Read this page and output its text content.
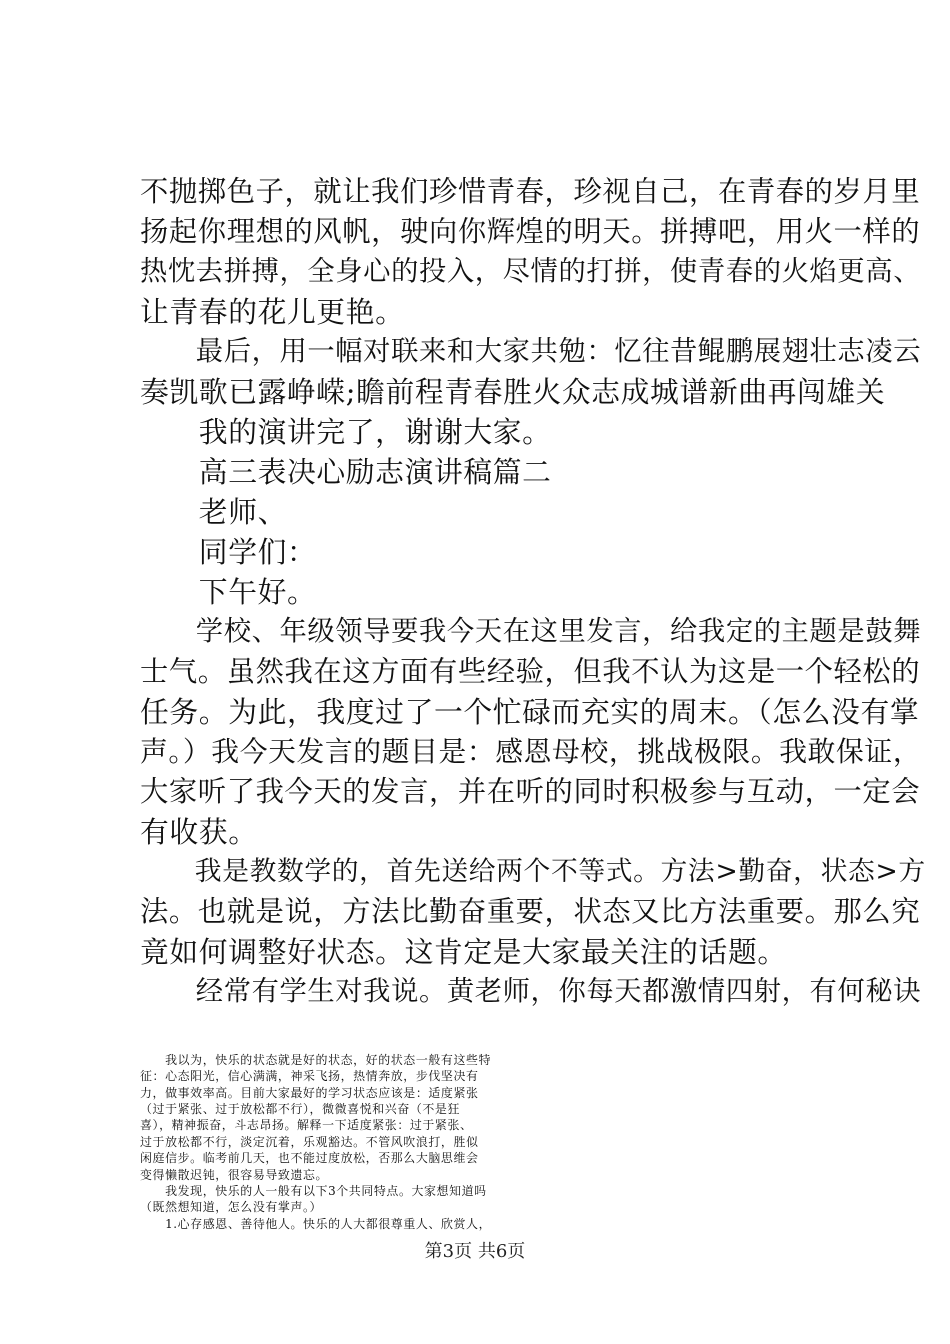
不抛掷色子，就让我们珍惜青春，珍视自己，在青春的岁月里
扬起你理想的风帆，驶向你辉煌的明天。拼搏吧，用火一样的
热忱去拼搏，全身心的投入，尽情的打拼，使青春的火焰更高、
让青春的花儿更艳。
　　最后，用一幅对联来和大家共勉：忆往昔鲲鹏展翅壮志凌云
奏凯歌已露峥嵘;瞻前程青春胜火众志成城谱新曲再闯雄关
　　我的演讲完了，谢谢大家。
　　高三表决心励志演讲稿篇二
　　老师、
　　同学们：
　　下午好。
　　学校、年级领导要我今天在这里发言，给我定的主题是鼓舞
士气。虽然我在这方面有些经验，但我不认为这是一个轻松的
任务。为此，我度过了一个忙碌而充实的周末。（怎么没有掌
声。）我今天发言的题目是：感恩母校，挑战极限。我敢保证，
大家听了我今天的发言，并在听的同时积极参与互动，一定会
有收获。
　　我是教数学的，首先送给两个不等式。方法>勤奋，状态>方
法。也就是说，方法比勤奋重要，状态又比方法重要。那么究
竟如何调整好状态。这肯定是大家最关注的话题。
　　经常有学生对我说。黄老师，你每天都激情四射，有何秘诀
　　我以为，快乐的状态就是好的状态，好的状态一般有这些特
征：心态阳光，信心满满，神采飞扬，热情奔放，步伐坚决有
力，做事效率高。目前大家最好的学习状态应该是：适度紧张
（过于紧张、过于放松都不行），微微喜悦和兴奋（不是狂
喜），精神振奋，斗志昂扬。解释一下适度紧张：过于紧张、
过于放松都不行，淡定沉着，乐观豁达。不管风吹浪打，胜似
闲庭信步。临考前几天，也不能过度放松，否那么大脑思维会
变得懒散迟钝，很容易导致遗忘。
　　我发现，快乐的人一般有以下3个共同特点。大家想知道吗
（既然想知道，怎么没有掌声。）
　　1.心存感恩、善待他人。快乐的人大都很尊重人、欣赏人，
第3页 共6页
